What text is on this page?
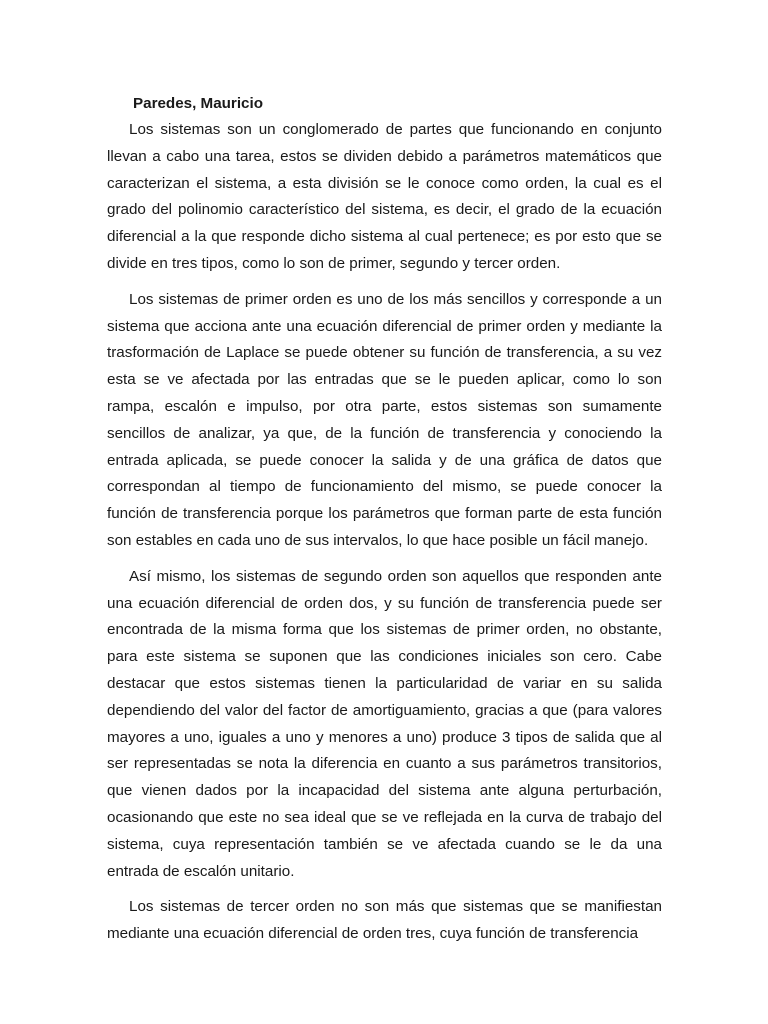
Paredes, Mauricio

Los sistemas son un conglomerado de partes que funcionando en conjunto llevan a cabo una tarea, estos se dividen debido a parámetros matemáticos que caracterizan el sistema, a esta división se le conoce como orden, la cual es el grado del polinomio característico del sistema, es decir, el grado de la ecuación diferencial a la que responde dicho sistema al cual pertenece; es por esto que se divide en tres tipos, como lo son de primer, segundo y tercer orden.

Los sistemas de primer orden es uno de los más sencillos y corresponde a un sistema que acciona ante una ecuación diferencial de primer orden y mediante la trasformación de Laplace se puede obtener su función de transferencia, a su vez esta se ve afectada por las entradas que se le pueden aplicar, como lo son rampa, escalón e impulso, por otra parte, estos sistemas son sumamente sencillos de analizar, ya que, de la función de transferencia y conociendo la entrada aplicada, se puede conocer la salida y de una gráfica de datos que correspondan al tiempo de funcionamiento del mismo, se puede conocer la función de transferencia porque los parámetros que forman parte de esta función son estables en cada uno de sus intervalos, lo que hace posible un fácil manejo.

Así mismo, los sistemas de segundo orden son aquellos que responden ante una ecuación diferencial de orden dos, y su función de transferencia puede ser encontrada de la misma forma que los sistemas de primer orden, no obstante, para este sistema se suponen que las condiciones iniciales son cero. Cabe destacar que estos sistemas tienen la particularidad de variar en su salida dependiendo del valor del factor de amortiguamiento, gracias a que (para valores mayores a uno, iguales a uno y menores a uno) produce 3 tipos de salida que al ser representadas se nota la diferencia en cuanto a sus parámetros transitorios, que vienen dados por la incapacidad del sistema ante alguna perturbación, ocasionando que este no sea ideal que se ve reflejada en la curva de trabajo del sistema, cuya representación también se ve afectada cuando se le da una entrada de escalón unitario.

Los sistemas de tercer orden no son más que sistemas que se manifiestan mediante una ecuación diferencial de orden tres, cuya función de transferencia
